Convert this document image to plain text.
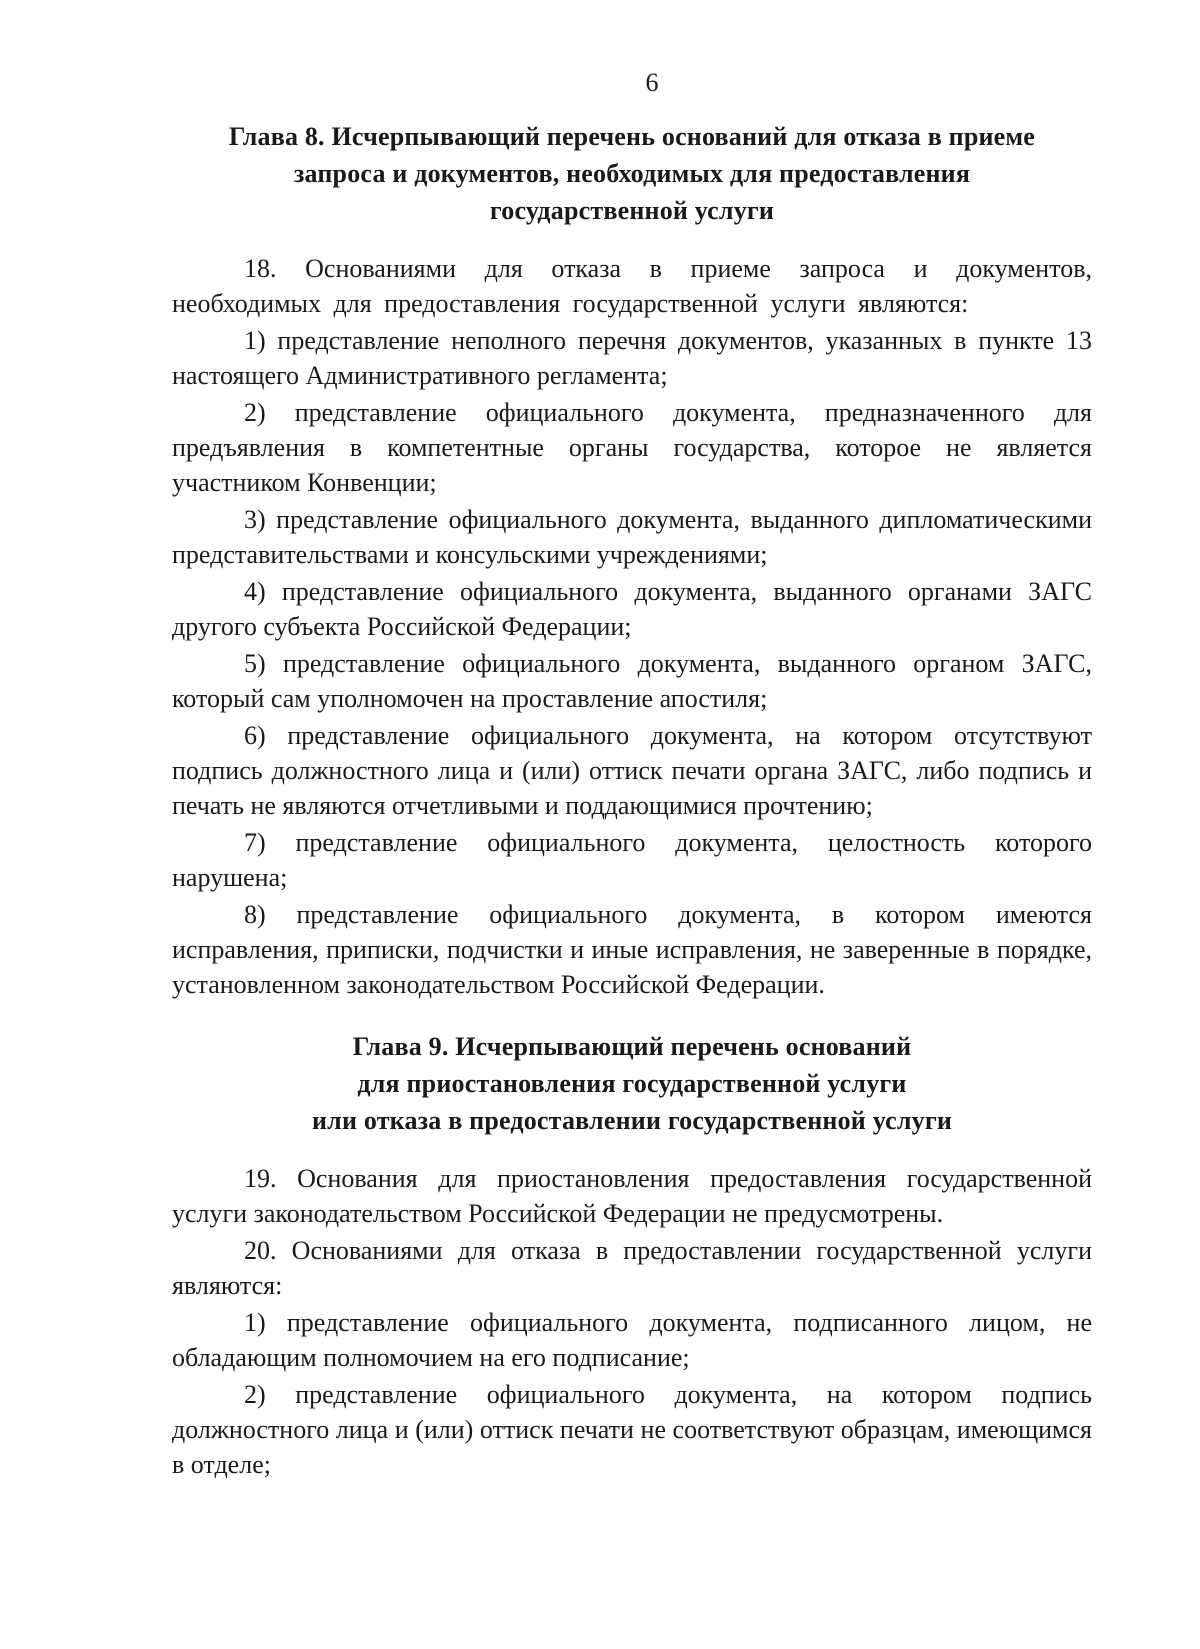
6
Глава 8. Исчерпывающий перечень оснований для отказа в приеме
запроса и документов, необходимых для предоставления
государственной услуги

18. Основаниями для отказа в приеме запроса и документов, необходимых для предоставления государственной услуги являются:

1) представление неполного перечня документов, указанных в пункте 13 настоящего Административного регламента;

2) представление официального документа, предназначенного для предъявления в компетентные органы государства, которое не является участником Конвенции;

3) представление официального документа, выданного дипломатическими представительствами и консульскими учреждениями;

4) представление официального документа, выданного органами ЗАГС другого субъекта Российской Федерации;

5) представление официального документа, выданного органом ЗАГС, который сам уполномочен на проставление апостиля;

6) представление официального документа, на котором отсутствуют подпись должностного лица и (или) оттиск печати органа ЗАГС, либо подпись и печать не являются отчетливыми и поддающимися прочтению;

7) представление официального документа, целостность которого нарушена;

8) представление официального документа, в котором имеются исправления, приписки, подчистки и иные исправления, не заверенные в порядке, установленном законодательством Российской Федерации.

Глава 9. Исчерпывающий перечень оснований
для приостановления государственной услуги
или отказа в предоставлении государственной услуги

19. Основания для приостановления предоставления государственной услуги законодательством Российской Федерации не предусмотрены.

20. Основаниями для отказа в предоставлении государственной услуги являются:

1) представление официального документа, подписанного лицом, не обладающим полномочием на его подписание;

2) представление официального документа, на котором подпись должностного лица и (или) оттиск печати не соответствуют образцам, имеющимся в отделе;
